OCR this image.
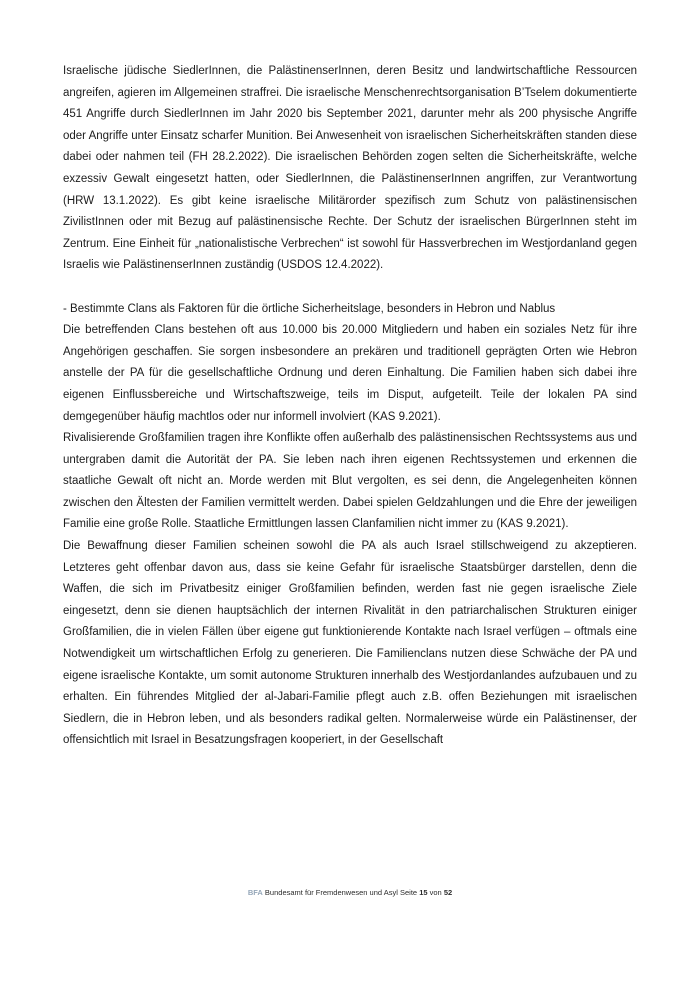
Israelische jüdische SiedlerInnen, die PalästinenserInnen, deren Besitz und landwirtschaftliche Ressourcen angreifen, agieren im Allgemeinen straffrei. Die israelische Menschenrechtsorganisation B’Tselem dokumentierte 451 Angriffe durch SiedlerInnen im Jahr 2020 bis September 2021, darunter mehr als 200 physische Angriffe oder Angriffe unter Einsatz scharfer Munition. Bei Anwesenheit von israelischen Sicherheitskräften standen diese dabei oder nahmen teil (FH 28.2.2022). Die israelischen Behörden zogen selten die Sicherheitskräfte, welche exzessiv Gewalt eingesetzt hatten, oder SiedlerInnen, die PalästinenserInnen angriffen, zur Verantwortung (HRW 13.1.2022). Es gibt keine israelische Militärorder spezifisch zum Schutz von palästinensischen ZivilistInnen oder mit Bezug auf palästinensische Rechte. Der Schutz der israelischen BürgerInnen steht im Zentrum. Eine Einheit für „nationalistische Verbrechen“ ist sowohl für Hassverbrechen im Westjordanland gegen Israelis wie PalästinenserInnen zuständig (USDOS 12.4.2022).

- Bestimmte Clans als Faktoren für die örtliche Sicherheitslage, besonders in Hebron und Nablus

Die betreffenden Clans bestehen oft aus 10.000 bis 20.000 Mitgliedern und haben ein soziales Netz für ihre Angehörigen geschaffen. Sie sorgen insbesondere an prekären und traditionell geprägten Orten wie Hebron anstelle der PA für die gesellschaftliche Ordnung und deren Einhaltung. Die Familien haben sich dabei ihre eigenen Einflussbereiche und Wirtschaftszweige, teils im Disput, aufgeteilt. Teile der lokalen PA sind demgegenüber häufig machtlos oder nur informell involviert (KAS 9.2021).

Rivalisierende Großfamilien tragen ihre Konflikte offen außerhalb des palästinensischen Rechtssystems aus und untergraben damit die Autorität der PA. Sie leben nach ihren eigenen Rechtssystemen und erkennen die staatliche Gewalt oft nicht an. Morde werden mit Blut vergolten, es sei denn, die Angelegenheiten können zwischen den Ältesten der Familien vermittelt werden. Dabei spielen Geldzahlungen und die Ehre der jeweiligen Familie eine große Rolle. Staatliche Ermittlungen lassen Clanfamilien nicht immer zu (KAS 9.2021).

Die Bewaffnung dieser Familien scheinen sowohl die PA als auch Israel stillschweigend zu akzeptieren. Letzteres geht offenbar davon aus, dass sie keine Gefahr für israelische Staatsbürger darstellen, denn die Waffen, die sich im Privatbesitz einiger Großfamilien befinden, werden fast nie gegen israelische Ziele eingesetzt, denn sie dienen hauptsächlich der internen Rivalität in den patriarchalischen Strukturen einiger Großfamilien, die in vielen Fällen über eigene gut funktionierende Kontakte nach Israel verfügen – oftmals eine Notwendigkeit um wirtschaftlichen Erfolg zu generieren. Die Familienclans nutzen diese Schwäche der PA und eigene israelische Kontakte, um somit autonome Strukturen innerhalb des Westjordanlandes aufzubauen und zu erhalten. Ein führendes Mitglied der al-Jabari-Familie pflegt auch z.B. offen Beziehungen mit israelischen Siedlern, die in Hebron leben, und als besonders radikal gelten. Normalerweise würde ein Palästinenser, der offensichtlich mit Israel in Besatzungsfragen kooperiert, in der Gesellschaft

BFA Bundesamt für Fremdenwesen und Asyl Seite 15 von 52
